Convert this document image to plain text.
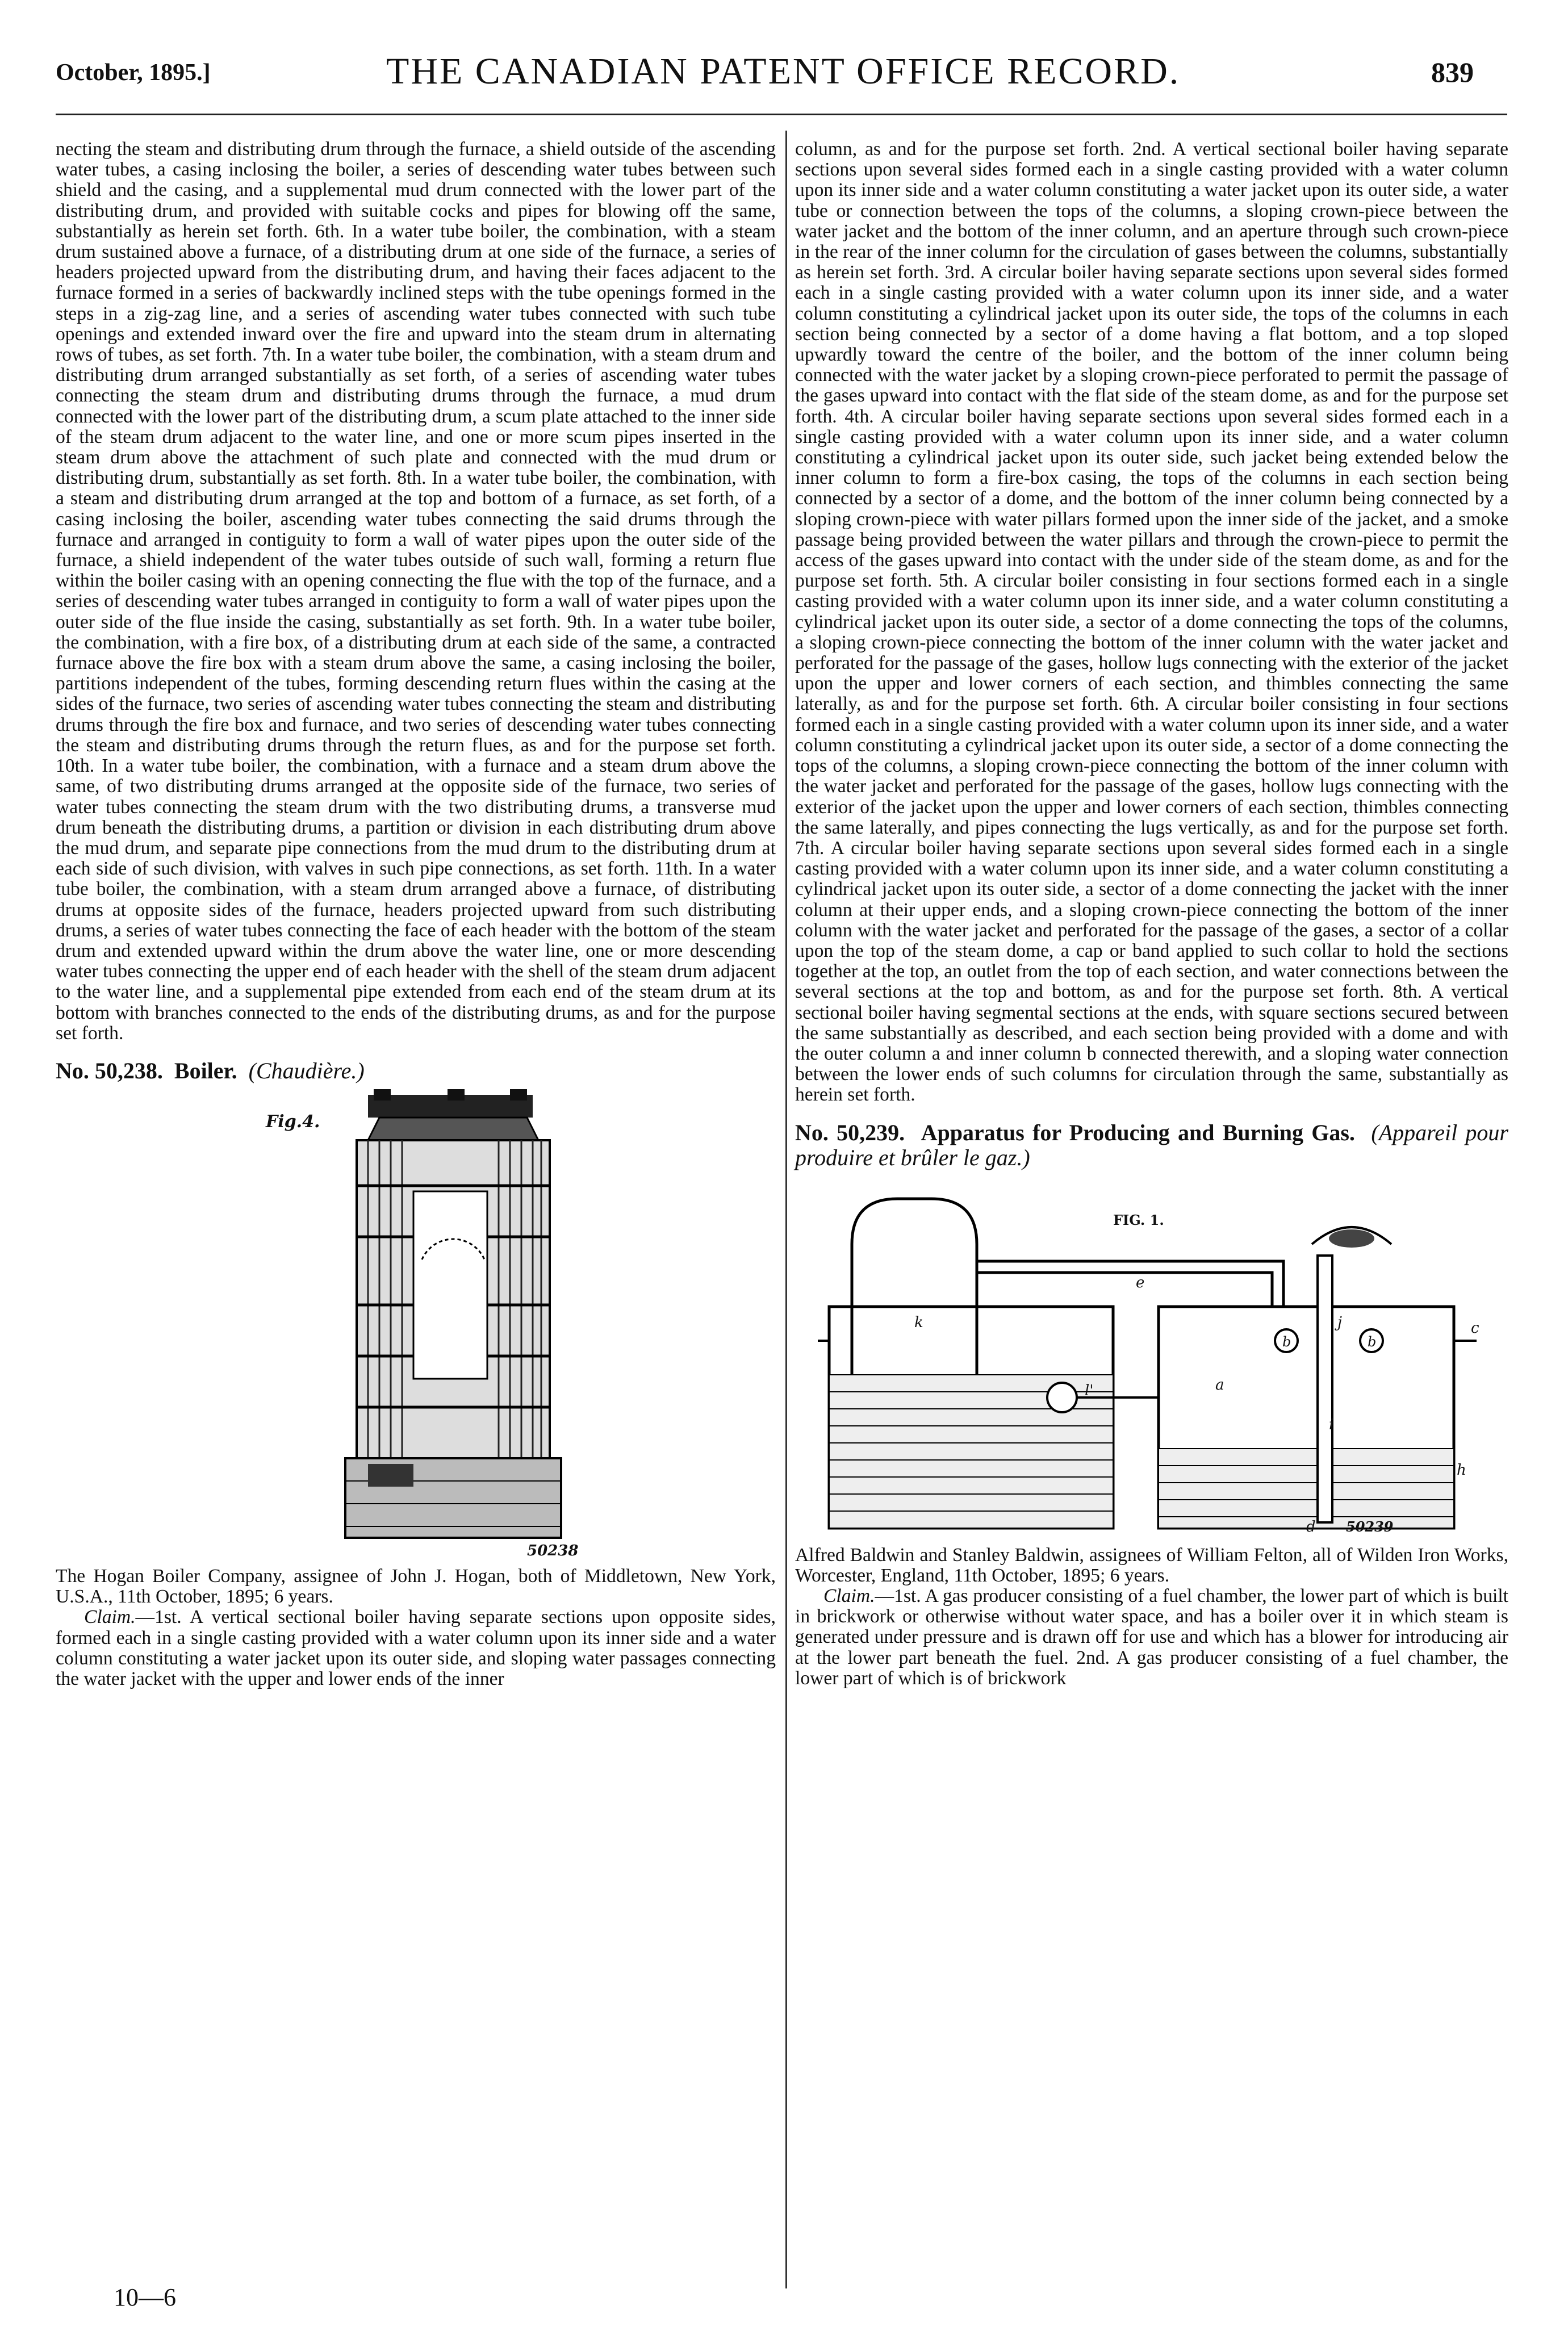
October, 1895.]	THE CANADIAN PATENT OFFICE RECORD.	839

necting the steam and distributing drum through the furnace, a shield outside of the ascending water tubes, a casing inclosing the boiler, a series of descending water tubes between such shield and the casing, and a supplemental mud drum connected with the lower part of the distributing drum, and provided with suitable cocks and pipes for blowing off the same, substantially as herein set forth. 6th. In a water tube boiler, the combination, with a steam drum sustained above a furnace, of a distributing drum at one side of the furnace, a series of headers projected upward from the distributing drum, and having their faces adjacent to the furnace formed in a series of backwardly inclined steps with the tube openings formed in the steps in a zig-zag line, and a series of ascending water tubes connected with such tube openings and extended inward over the fire and upward into the steam drum in alternating rows of tubes, as set forth. 7th. In a water tube boiler, the combination, with a steam drum and distributing drum arranged substantially as set forth, of a series of ascending water tubes connecting the steam drum and distributing drums through the furnace, a mud drum connected with the lower part of the distributing drum, a scum plate attached to the inner side of the steam drum adjacent to the water line, and one or more scum pipes inserted in the steam drum above the attachment of such plate and connected with the mud drum or distributing drum, substantially as set forth. 8th. In a water tube boiler, the combination, with a steam and distributing drum arranged at the top and bottom of a furnace, as set forth, of a casing inclosing the boiler, ascending water tubes connecting the said drums through the furnace and arranged in contiguity to form a wall of water pipes upon the outer side of the furnace, a shield independent of the water tubes outside of such wall, forming a return flue within the boiler casing with an opening connecting the flue with the top of the furnace, and a series of descending water tubes arranged in contiguity to form a wall of water pipes upon the outer side of the flue inside the casing, substantially as set forth. 9th. In a water tube boiler, the combination, with a fire box, of a distributing drum at each side of the same, a contracted furnace above the fire box with a steam drum above the same, a casing inclosing the boiler, partitions independent of the tubes, forming descending return flues within the casing at the sides of the furnace, two series of ascending water tubes connecting the steam and distributing drums through the fire box and furnace, and two series of descending water tubes connecting the steam and distributing drums through the return flues, as and for the purpose set forth. 10th. In a water tube boiler, the combination, with a furnace and a steam drum above the same, of two distributing drums arranged at the opposite side of the furnace, two series of water tubes connecting the steam drum with the two distributing drums, a transverse mud drum beneath the distributing drums, a partition or division in each distributing drum above the mud drum, and separate pipe connections from the mud drum to the distributing drum at each side of such division, with valves in such pipe connections, as set forth. 11th. In a water tube boiler, the combination, with a steam drum arranged above a furnace, of distributing drums at opposite sides of the furnace, headers projected upward from such distributing drums, a series of water tubes connecting the face of each header with the bottom of the steam drum and extended upward within the drum above the water line, one or more descending water tubes connecting the upper end of each header with the shell of the steam drum adjacent to the water line, and a supplemental pipe extended from each end of the steam drum at its bottom with branches connected to the ends of the distributing drums, as and for the purpose set forth.

No. 50,238. Boiler. (Chaudière.)
Fig.4.
50238

The Hogan Boiler Company, assignee of John J. Hogan, both of Middletown, New York, U.S.A., 11th October, 1895; 6 years.

Claim.—1st. A vertical sectional boiler having separate sections upon opposite sides, formed each in a single casting provided with a water column upon its inner side and a water column constituting a water jacket upon its outer side, and sloping water passages connecting the water jacket with the upper and lower ends of the inner

column, as and for the purpose set forth. 2nd. A vertical sectional boiler having separate sections upon several sides formed each in a single casting provided with a water column upon its inner side and a water column constituting a water jacket upon its outer side, a water tube or connection between the tops of the columns, a sloping crown-piece between the water jacket and the bottom of the inner column, and an aperture through such crown-piece in the rear of the inner column for the circulation of gases between the columns, substantially as herein set forth. 3rd. A circular boiler having separate sections upon several sides formed each in a single casting provided with a water column upon its inner side, and a water column constituting a cylindrical jacket upon its outer side, the tops of the columns in each section being connected by a sector of a dome having a flat bottom, and a top sloped upwardly toward the centre of the boiler, and the bottom of the inner column being connected with the water jacket by a sloping crown-piece perforated to permit the passage of the gases upward into contact with the flat side of the steam dome, as and for the purpose set forth. 4th. A circular boiler having separate sections upon several sides formed each in a single casting provided with a water column upon its inner side, and a water column constituting a cylindrical jacket upon its outer side, such jacket being extended below the inner column to form a fire-box casing, the tops of the columns in each section being connected by a sector of a dome, and the bottom of the inner column being connected by a sloping crown-piece with water pillars formed upon the inner side of the jacket, and a smoke passage being provided between the water pillars and through the crown-piece to permit the access of the gases upward into contact with the under side of the steam dome, as and for the purpose set forth. 5th. A circular boiler consisting in four sections formed each in a single casting provided with a water column upon its inner side, and a water column constituting a cylindrical jacket upon its outer side, a sector of a dome connecting the tops of the columns, a sloping crown-piece connecting the bottom of the inner column with the water jacket and perforated for the passage of the gases, hollow lugs connecting with the exterior of the jacket upon the upper and lower corners of each section, and thimbles connecting the same laterally, as and for the purpose set forth. 6th. A circular boiler consisting in four sections formed each in a single casting provided with a water column upon its inner side, and a water column constituting a cylindrical jacket upon its outer side, a sector of a dome connecting the tops of the columns, a sloping crown-piece connecting the bottom of the inner column with the water jacket and perforated for the passage of the gases, hollow lugs connecting with the exterior of the jacket upon the upper and lower corners of each section, thimbles connecting the same laterally, and pipes connecting the lugs vertically, as and for the purpose set forth. 7th. A circular boiler having separate sections upon several sides formed each in a single casting provided with a water column upon its inner side, and a water column constituting a cylindrical jacket upon its outer side, a sector of a dome connecting the jacket with the inner column at their upper ends, and a sloping crown-piece connecting the bottom of the inner column with the water jacket and perforated for the passage of the gases, a sector of a collar upon the top of the steam dome, a cap or band applied to such collar to hold the sections together at the top, an outlet from the top of each section, and water connections between the several sections at the top and bottom, as and for the purpose set forth. 8th. A vertical sectional boiler having segmental sections at the ends, with square sections secured between the same substantially as described, and each section being provided with a dome and with the outer column a and inner column b connected therewith, and a sloping water connection between the lower ends of such columns for circulation through the same, substantially as herein set forth.

No. 50,239. Apparatus for Producing and Burning Gas. (Appareil pour produire et brûler le gaz.)
FIG. 1.
k
e
j
b	b
c
a
l'
i
h
d 50239

Alfred Baldwin and Stanley Baldwin, assignees of William Felton, all of Wilden Iron Works, Worcester, England, 11th October, 1895; 6 years.

Claim.—1st. A gas producer consisting of a fuel chamber, the lower part of which is built in brickwork or otherwise without water space, and has a boiler over it in which steam is generated under pressure and is drawn off for use and which has a blower for introducing air at the lower part beneath the fuel. 2nd. A gas producer consisting of a fuel chamber, the lower part of which is of brickwork

10—6
